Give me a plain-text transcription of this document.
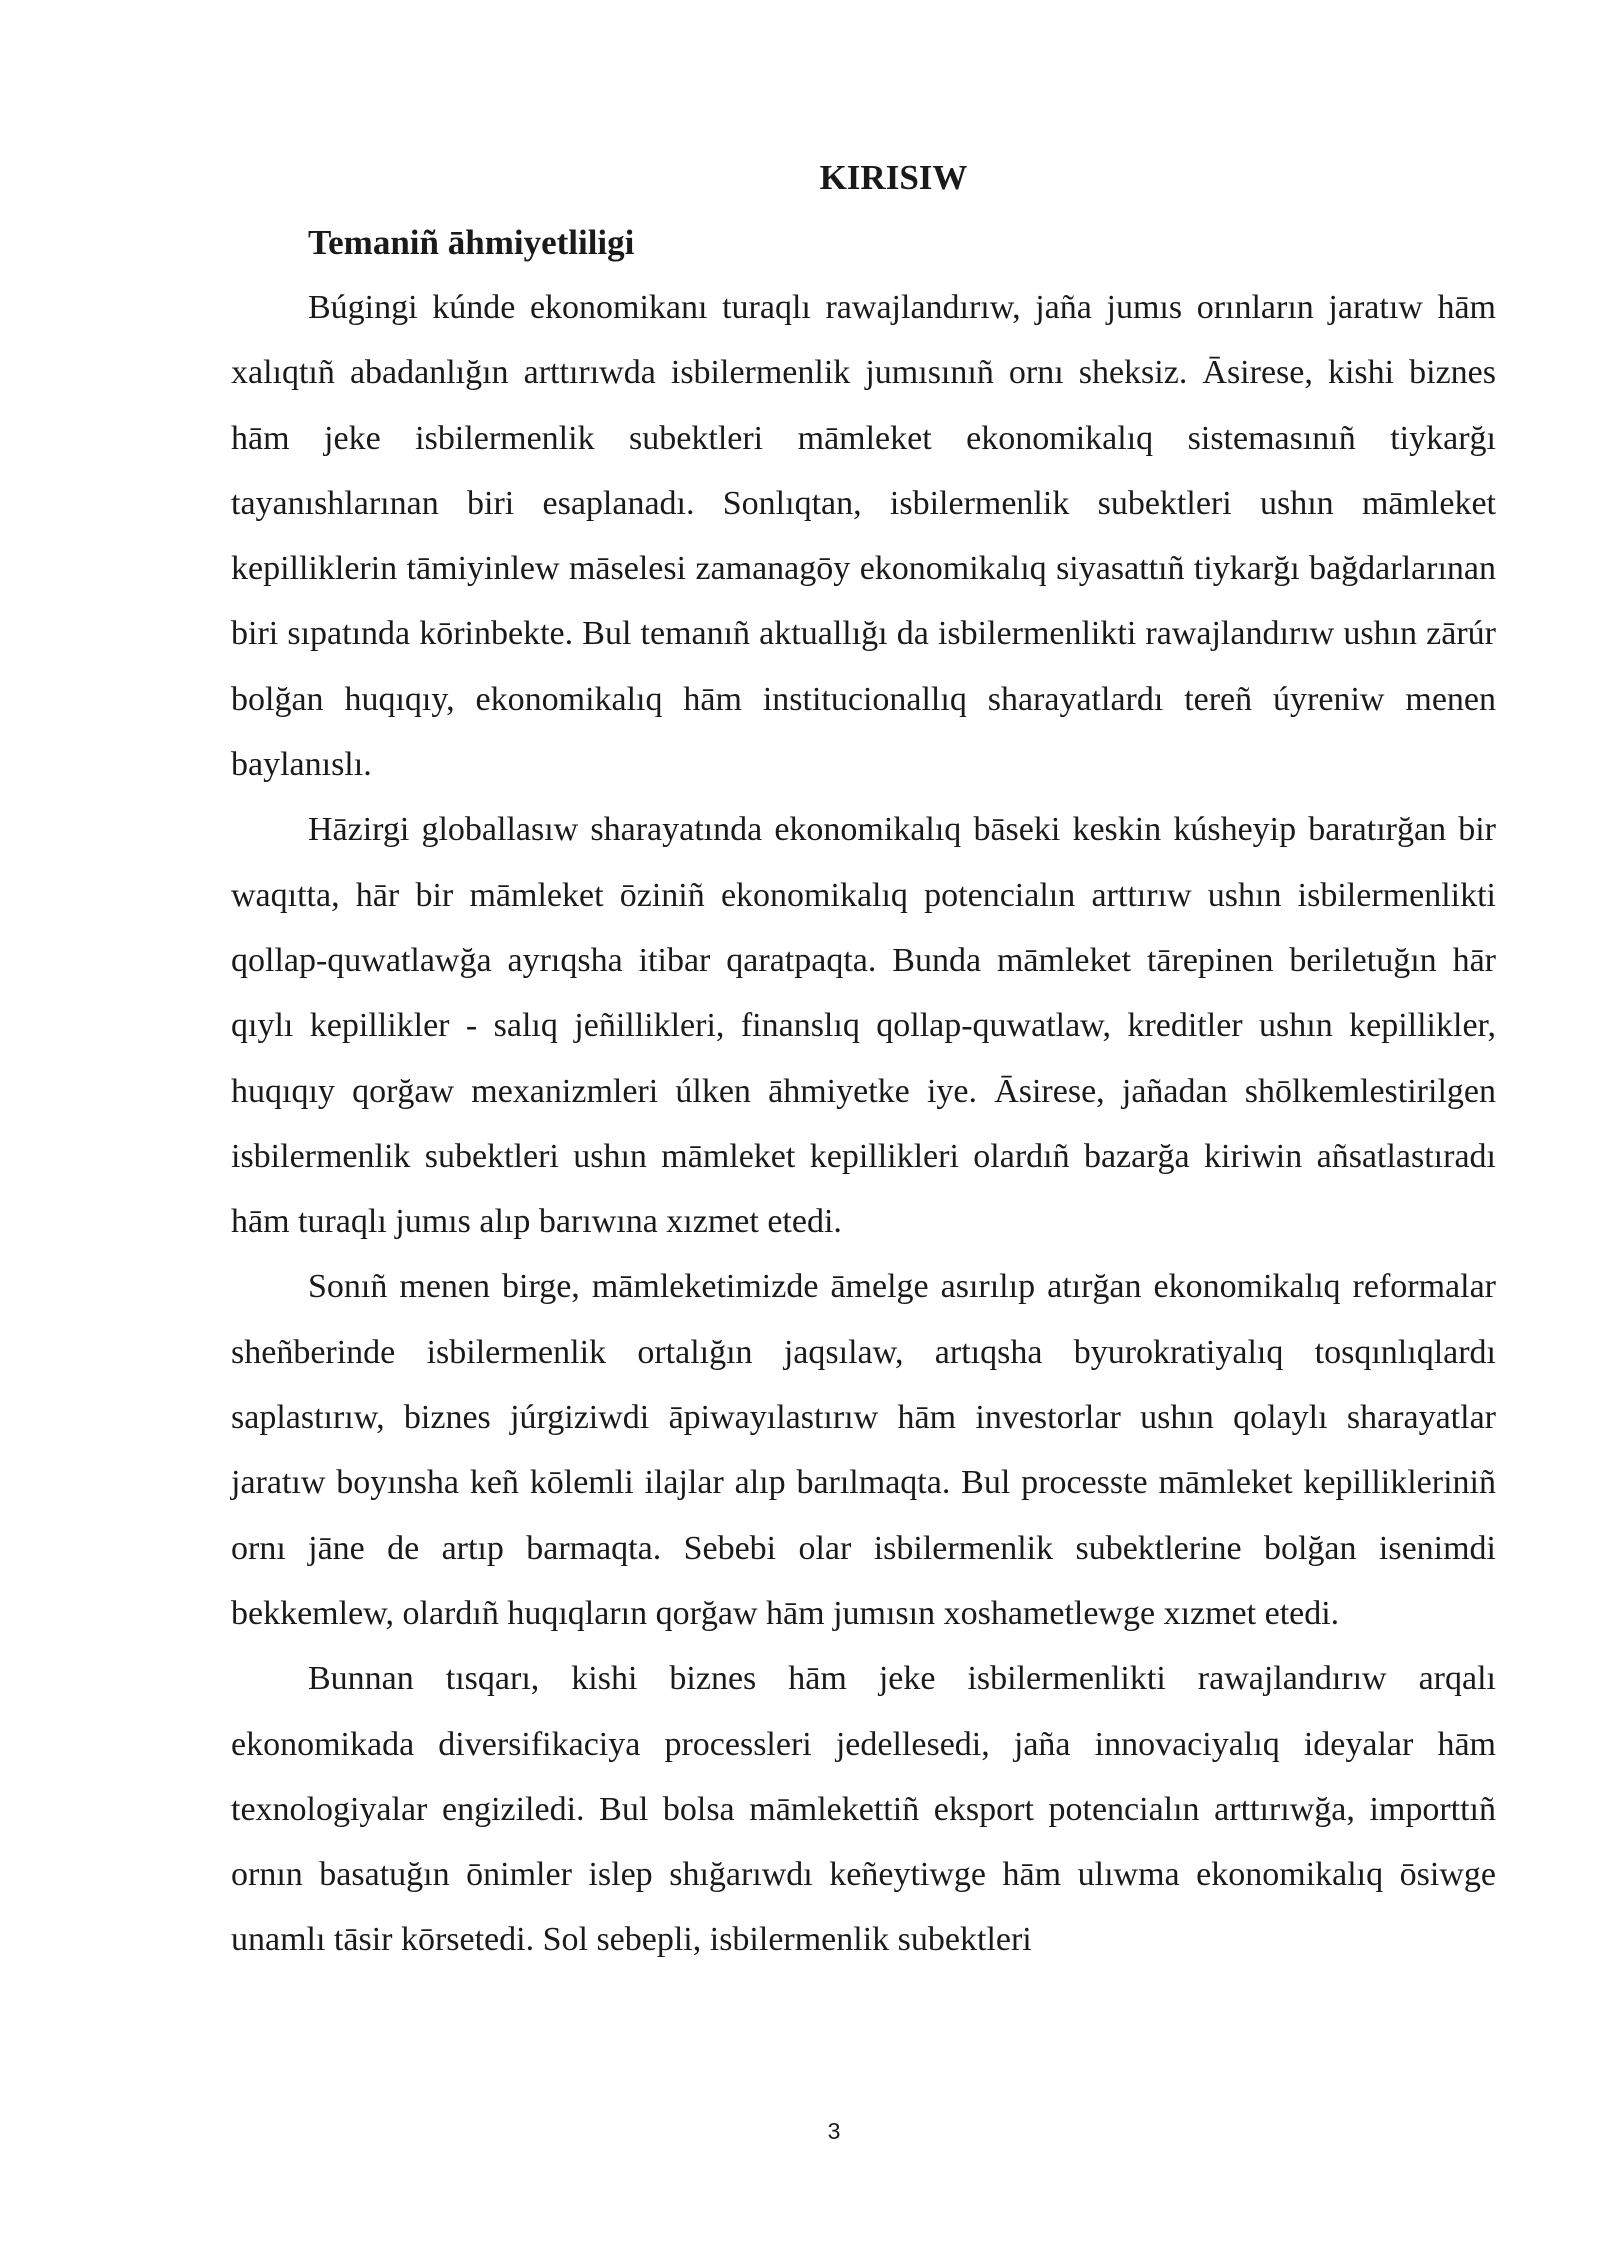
KIRISIW
Temaniñ āhmiyetliligi

Búgingi kúnde ekonomikanı turaqlı rawajlandırıw, jaña jumıs orınların jaratıw hām xalıqtıñ abadanlığın arttırıwda isbilermenlik jumısınıñ ornı sheksiz. Āsirese, kishi biznes hām jeke isbilermenlik subektleri māmleket ekonomikalıq sistemasınıñ tiykarğı tayanıshlarınan biri esaplanadı. Sonlıqtan, isbilermenlik subektleri ushın māmleket kepilliklerin tāmiyinlew māselesi zamanagōy ekonomikalıq siyasattıñ tiykarğı bağdarlarınan biri sıpatında kōrinbekte. Bul temanıñ aktuallığı da isbilermenlikti rawajlandırıw ushın zārúr bolğan huqıqıy, ekonomikalıq hām institucionallıq sharayatlardı tereñ úyreniw menen baylanıslı.

Hāzirgi globallasıw sharayatında ekonomikalıq bāseki keskin kúsheyip baratırğan bir waqıtta, hār bir māmleket ōziniñ ekonomikalıq potencialın arttırıw ushın isbilermenlikti qollap-quwatlawğa ayrıqsha itibar qaratpaqta. Bunda māmleket tārepinen beriletuğın hār qıylı kepillikler - salıq jeñillikleri, finanslıq qollap-quwatlaw, kreditler ushın kepillikler, huqıqıy qorğaw mexanizmleri úlken āhmiyetke iye. Āsirese, jañadan shōlkemlestirilgen isbilermenlik subektleri ushın māmleket kepillikleri olardıñ bazarğa kiriwin añsatlastıradı hām turaqlı jumıs alıp barıwına xızmet etedi.

Sonıñ menen birge, māmleketimizde āmelge asırılıp atırğan ekonomikalıq reformalar sheñberinde isbilermenlik ortalığın jaqsılaw, artıqsha byurokratiyalıq tosqınlıqlardı saplastırıw, biznes júrgiziwdi āpiwayılastırıw hām investorlar ushın qolaylı sharayatlar jaratıw boyınsha keñ kōlemli ilajlar alıp barılmaqta. Bul processte māmleket kepillikleriniñ ornı jāne de artıp barmaqta. Sebebi olar isbilermenlik subektlerine bolğan isenimdi bekkemlew, olardıñ huqıqların qorğaw hām jumısın xoshametlewge xızmet etedi.

Bunnan tısqarı, kishi biznes hām jeke isbilermenlikti rawajlandırıw arqalı ekonomikada diversifikaciya processleri jedellesedi, jaña innovaciyalıq ideyalar hām texnologiyalar engiziledi. Bul bolsa māmlekettiñ eksport potencialın arttırıwğa, importtıñ ornın basatuğın ōnimler islep shığarıwdı keñeytiwge hām ulıwma ekonomikalıq ōsiwge unamlı tāsir kōrsetedi. Sol sebepli, isbilermenlik subektleri

3
